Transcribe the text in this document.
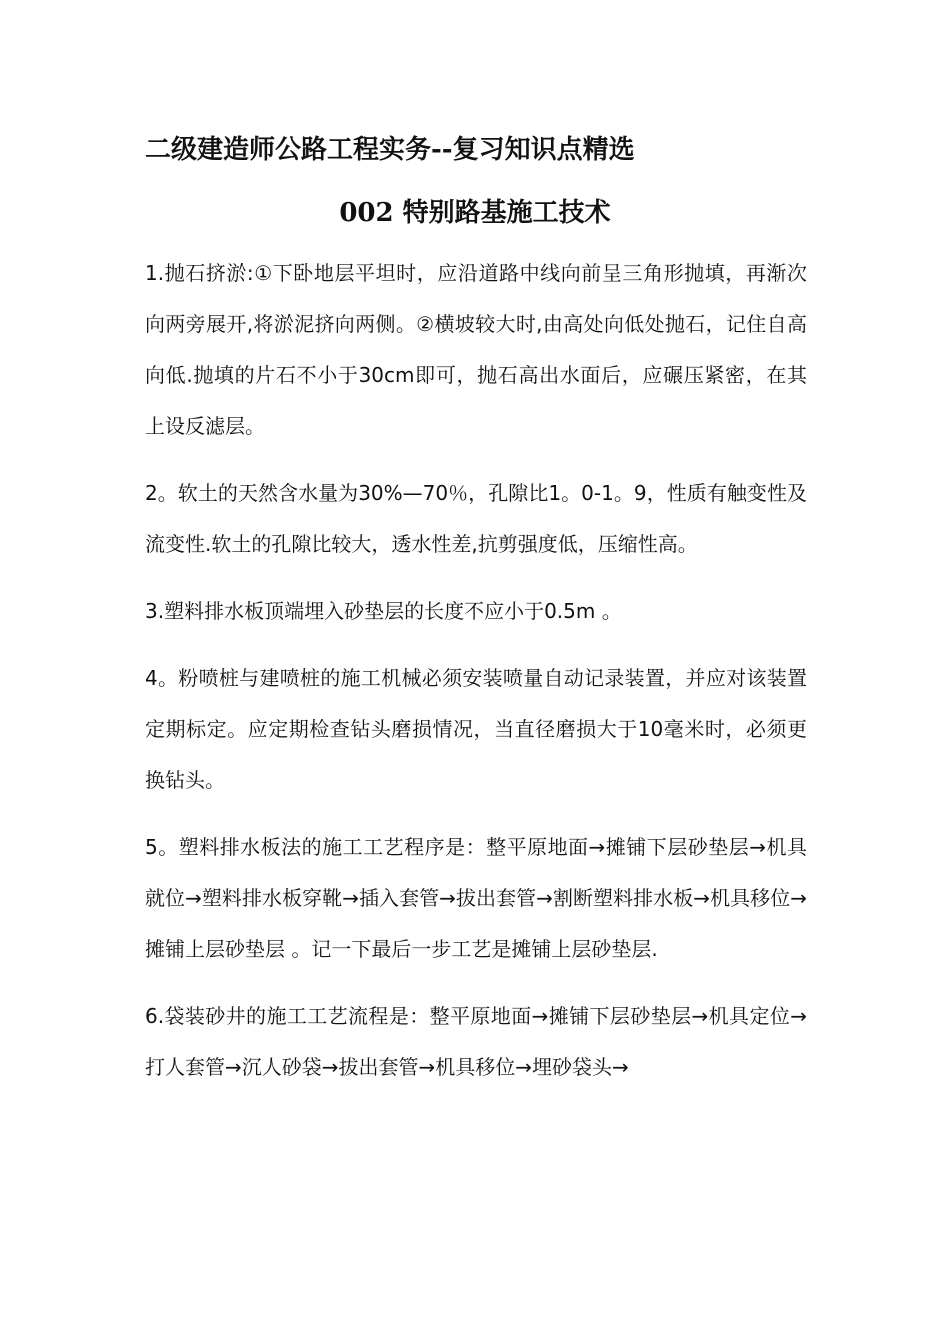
二级建造师公路工程实务--复习知识点精选
002 特别路基施工技术

1.抛石挤淤:①下卧地层平坦时，应沿道路中线向前呈三角形抛填，再渐次向两旁展开,将淤泥挤向两侧。②横坡较大时,由高处向低处抛石，记住自高向低.抛填的片石不小于30cm即可，抛石高出水面后，应碾压紧密，在其上设反滤层。

2。软土的天然含水量为30%—70％，孔隙比1。0-1。9，性质有触变性及流变性.软土的孔隙比较大，透水性差,抗剪强度低，压缩性高。

3.塑料排水板顶端埋入砂垫层的长度不应小于0.5m 。

4。粉喷桩与建喷桩的施工机械必须安装喷量自动记录装置，并应对该装置定期标定。应定期检查钻头磨损情况，当直径磨损大于10毫米时，必须更换钻头。

5。塑料排水板法的施工工艺程序是：整平原地面→摊铺下层砂垫层→机具就位→塑料排水板穿靴→插入套管→拔出套管→割断塑料排水板→机具移位→摊铺上层砂垫层 。记一下最后一步工艺是摊铺上层砂垫层.

6.袋装砂井的施工工艺流程是：整平原地面→摊铺下层砂垫层→机具定位→打人套管→沉人砂袋→拔出套管→机具移位→埋砂袋头→
